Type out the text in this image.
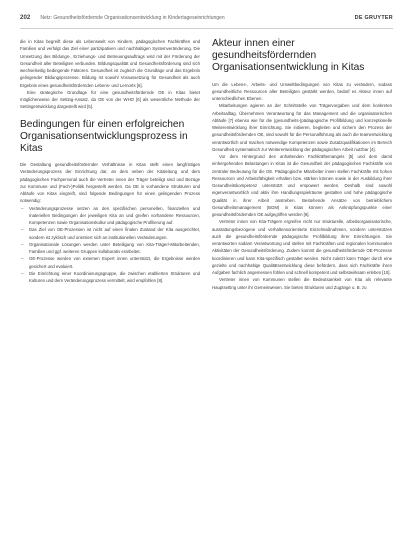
202 Netz: Gesundheitsfördernde Organisationsentwicklung in Kindertageseinrichtungen	DE GRUYTER

die in Kitas begreift diese als Lebenswelt von Kindern, pädagogischen Fachkräften und Familien und verfolgt das Ziel einer partizipativen und nachhaltigen Systemveränderung. Die Umsetzung des Bildungs-, Erziehungs- und Betreuungsauftrags wird mit der Förderung der Gesundheit aller Beteiligten verbunden. Bildungsqualität und Gesundheitsförderung sind sich wechselseitig bedingende Faktoren. Gesundheit ist zugleich die Grundlage und das Ergebnis gelingender Bildungsprozesse. Bildung ist sowohl Voraussetzung für Gesundheit als auch Ergebnis eines gesundheitsfördernden Lebens- und Lernorts [6].

Eine strategische Grundlage für eine gesundheitsfördernde OE in Kitas bietet möglicherweise der Setting-Ansatz, da OE von der WHO [6] als wesentliche Methode der Settingentwicklung dargestellt wird [5].

Bedingungen für einen erfolgreichen Organisationsentwicklungsprozess in Kitas

Die Gestaltung gesundheitsfördernder Verhältnisse in Kitas stellt einen langfristigen Veränderungsprozess der Einrichtung dar, an dem neben der Kitaleitung und dem pädagogischen Fachpersonal auch die Vertreter innen der Träger beteiligt sind und Bezüge zur Kommune und (Fach-)Politik hergestellt werden. Da OE in vorhandene Strukturen und Abläufe von Kitas eingreift, sind folgende Bedingungen für einen gelingenden Prozess notwendig:

– Veränderungsprozesse setzen an den spezifischen personellen, finanziellen und materiellen Bedingungen der jeweiligen Kita an und greifen vorhandene Ressourcen, Kompetenzen sowie Organisationskultur und pädagogische Profilierung auf.
– Das Ziel von OE-Prozessen ist nicht auf einen finalen Zustand der Kita ausgerichtet, sondern ist zyklisch und orientiert sich an institutionellen Veränderungen.
– Organisationale Lösungen werden unter Beteiligung von Kita-Träger/-Mitarbeitenden, Familien und ggf. weiteren Gruppen kollaborativ erarbeitet.
– OE-Prozesse werden von externen Expert innen unterstützt, die Ergebnisse werden gesichert und evaluiert.
– Die Einrichtung einer Koordinierungsgruppe, die zwischen etablierten Strukturen und Kulturen und dem Veränderungsprozess vermittelt, wird empfohlen [8].
Akteur innen einer gesundheitsfördernden Organisationsentwicklung in Kitas

Um die Lebens-, Arbeits- und Umweltbedingungen von Kitas zu verändern, sodass gesundheitliche Ressourcen aller Beteiligten gestärkt werden, bedarf es Akteur innen auf unterschiedlichen Ebenen.

Mitarbeitungen agieren an der Schnittstelle von Trägervorgaben und dem konkreten Arbeitsalltag. Übernehmen Verantwortung für das Management und die organisatorischen Abläufe [7] ebenso wie für die (gesundheits-)pädagogische Profilbildung und konzeptionelle Weiterentwicklung ihrer Einrichtung. Sie initiieren, begleiten und sichern den Prozess der gesundheitsfördernden OE, sind sowohl für die Personalführung als auch die teamentwicklung verantwortlich und machen notwendige Kompetenzen sowie Zusatzqualifikationen im Bereich Gesundheit systematisch zur Weiterentwicklung der pädagogischen Arbeit nutzbar [4].

Vor dem Hintergrund des anhaltenden Fachkräftemangels [5] und dem damit einhergehenden Belastungen in Kitas ist die Gesundheit der pädagogischen Fachkräfte von zentraler Bedeutung für die OE. Pädagogische Mitarbeiter innen stellen Fachkräfte mit hohen Ressourcen und Arbeitsfähigkeit erhalten bzw. stärken können sowie in der Ausbildung ihrer Gesundheitskompetenz unterstützt und empowert werden. Deshalb sind sowohl eigenverantwortlich und aktiv ihre Handlungsspielräume gestalten und hohe pädagogische Qualität in ihrer Arbeit anstreben. Bestehende Ansätze von betrieblichem Gesundheitsmanagement (BGM) in Kitas können als Anknüpfungspunkte einer gesundheitsfördernden OE aufgegriffen werden [9].

Vertreter innen von Kita-Trägern ergreifen nicht nur strukturelle, arbeitsorganisatorische, ausstattungsbezogene und verhaltensorientierte Einzelmaßnahmen, sondern unterstützen auch die gesundheitsfördernde pädagogische Profilbildung ihrer Einrichtungen. Sie verantworten sodann Verantwortung und stellen mit Fachkräften und regionalen kommunalen Aktivitäten der Gesundheitsförderung. Zudem kommt die gesundheitsfördernde OE-Prozesse koordinieren und kann Kita-spezifisch gestaltet werden. Nicht zuletzt kann Träger durch eine gezielte und nachhaltige Qualitätsentwicklung diese befördern, dass sich Fachkräfte ihren Aufgaben fachlich angemessen fühlen und schnell kompetent und selbstwirksam erleben [10].

Vertreter innen von Kommunen stellen die Bedeutsamkeit von Kita als relevante Hauptsetting unter ihr Gemeinwesen. Sie bieten Strukturen und Zugänge u. B. zu
